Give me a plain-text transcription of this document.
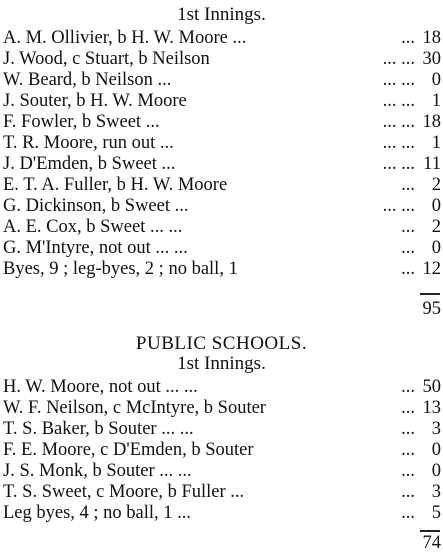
1st Innings.
A. M. Ollivier, b H. W. Moore ...	... 18
J. Wood, c Stuart, b Neilson	... ... 30
W. Beard, b Neilson ...	... ... 0
J. Souter, b H. W. Moore	... ... 1
F. Fowler, b Sweet ...	... ... 18
T. R. Moore, run out ...	... ... 1
J. D'Emden, b Sweet ...	... ... 11
E. T. A. Fuller, b H. W. Moore	... 2
G. Dickinson, b Sweet ...	... ... 0
A. E. Cox, b Sweet ... ...	... 2
G. M'Intyre, not out ... ...	... 0
Byes, 9 ; leg-byes, 2 ; no ball, 1	... 12
95
PUBLIC SCHOOLS.
1st Innings.
H. W. Moore, not out ... ...	... 50
W. F. Neilson, c McIntyre, b Souter	... 13
T. S. Baker, b Souter ... ...	... 3
F. E. Moore, c D'Emden, b Souter	... 0
J. S. Monk, b Souter ... ...	... 0
T. S. Sweet, c Moore, b Fuller ...	... 3
Leg byes, 4 ; no ball, 1 ...	... 5
74
